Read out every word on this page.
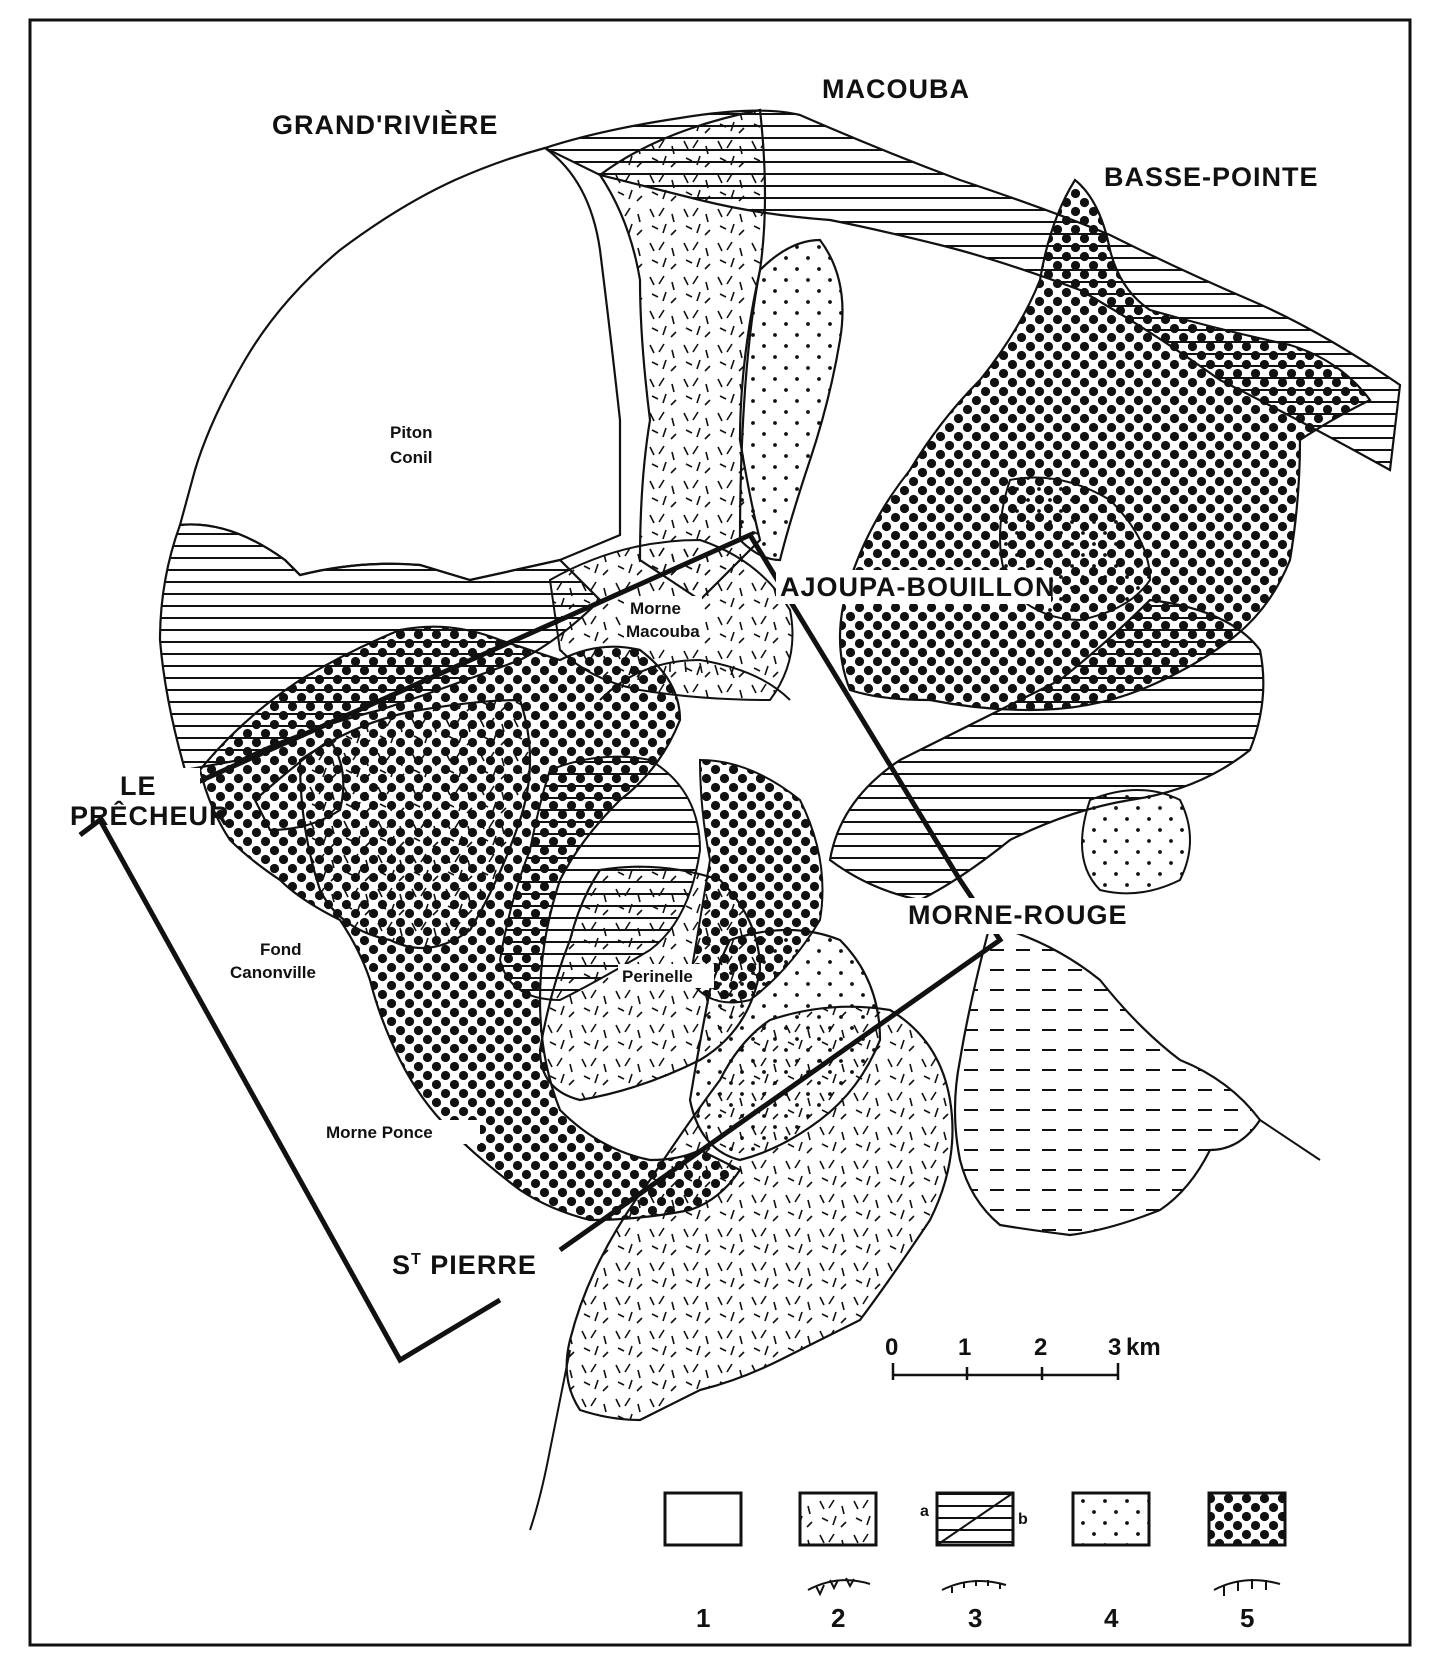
MACOUBA
GRAND'RIVIÈRE
BASSE-POINTE
AJOUPA-BOUILLON
LE
PRÊCHEUR
MORNE-ROUGE
$S^T$ PIERRE
Piton
Conil
Morne
Macouba
Fond
Canonville	Perinelle
Morne Ponce
0 1	2	3 km
a	b
1	2	3	4	5
